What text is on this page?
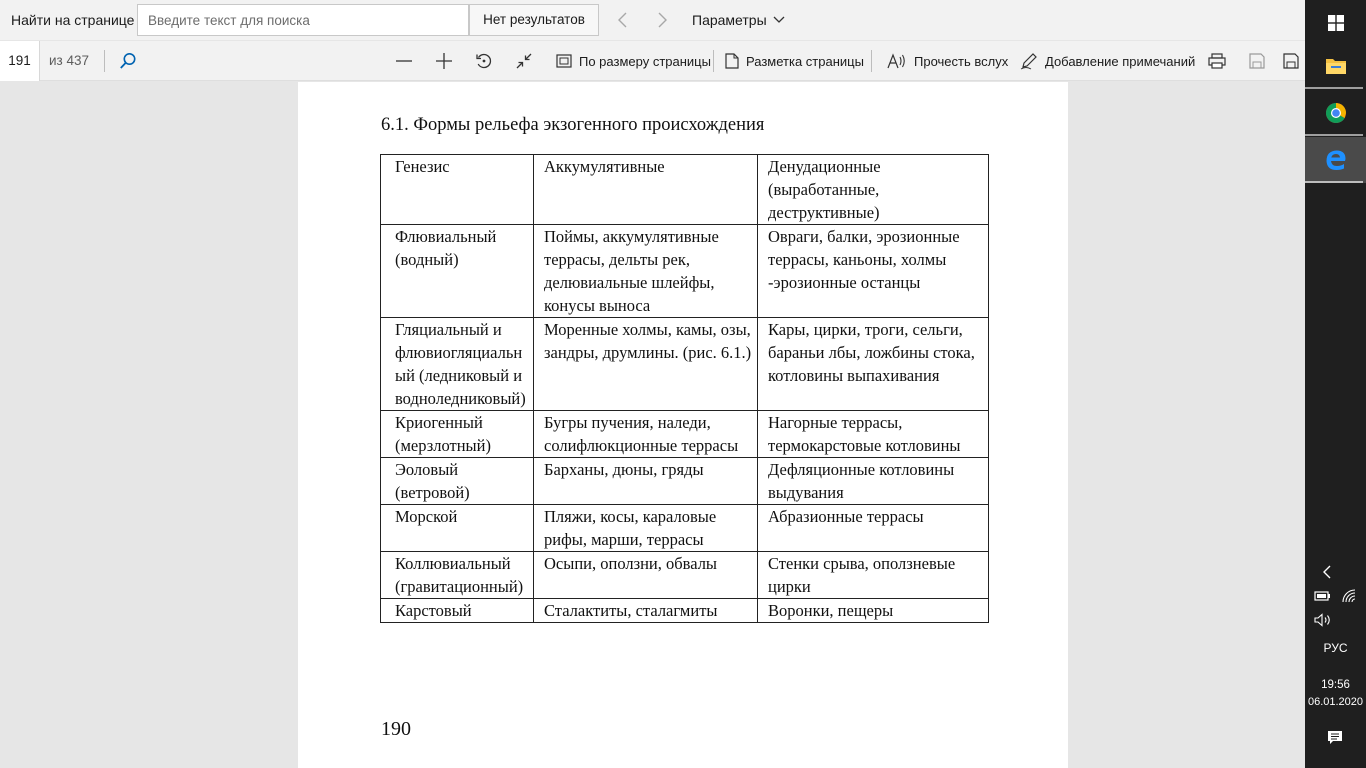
Найти на странице
Введите текст для поиска	Нет результатов	Параметры
191	из 437	По размеру страницы	Разметка страницы	Прочесть вслух	Добавление примечаний
6.1. Формы рельефа экзогенного происхождения
Генезис	Аккумулятивные	Денудационные (выработанные, деструктивные)
Флювиальный (водный)	Поймы, аккумулятивные террасы, дельты рек, делювиальные шлейфы, конусы выноса	Овраги, балки, эрозионные террасы, каньоны, холмы -эрозионные останцы
Гляциальный и флювиогляциальный (ледниковый и водноледниковый)	Моренные холмы, камы, озы, зандры, друмлины. (рис. 6.1.)	Кары, цирки, троги, сельги, бараньи лбы, ложбины стока, котловины выпахивания
Криогенный (мерзлотный)	Бугры пучения, наледи, солифлюкционные террасы	Нагорные террасы, термокарстовые котловины
Эоловый (ветровой)	Барханы, дюны, гряды	Дефляционные котловины выдувания
Морской	Пляжи, косы, караловые рифы, марши, террасы	Абразионные террасы
Коллювиальный (гравитационный)	Осыпи, оползни, обвалы	Стенки срыва, оползневые цирки
Карстовый	Сталактиты, сталагмиты	Воронки, пещеры
190
РУС
19:56
06.01.2020
